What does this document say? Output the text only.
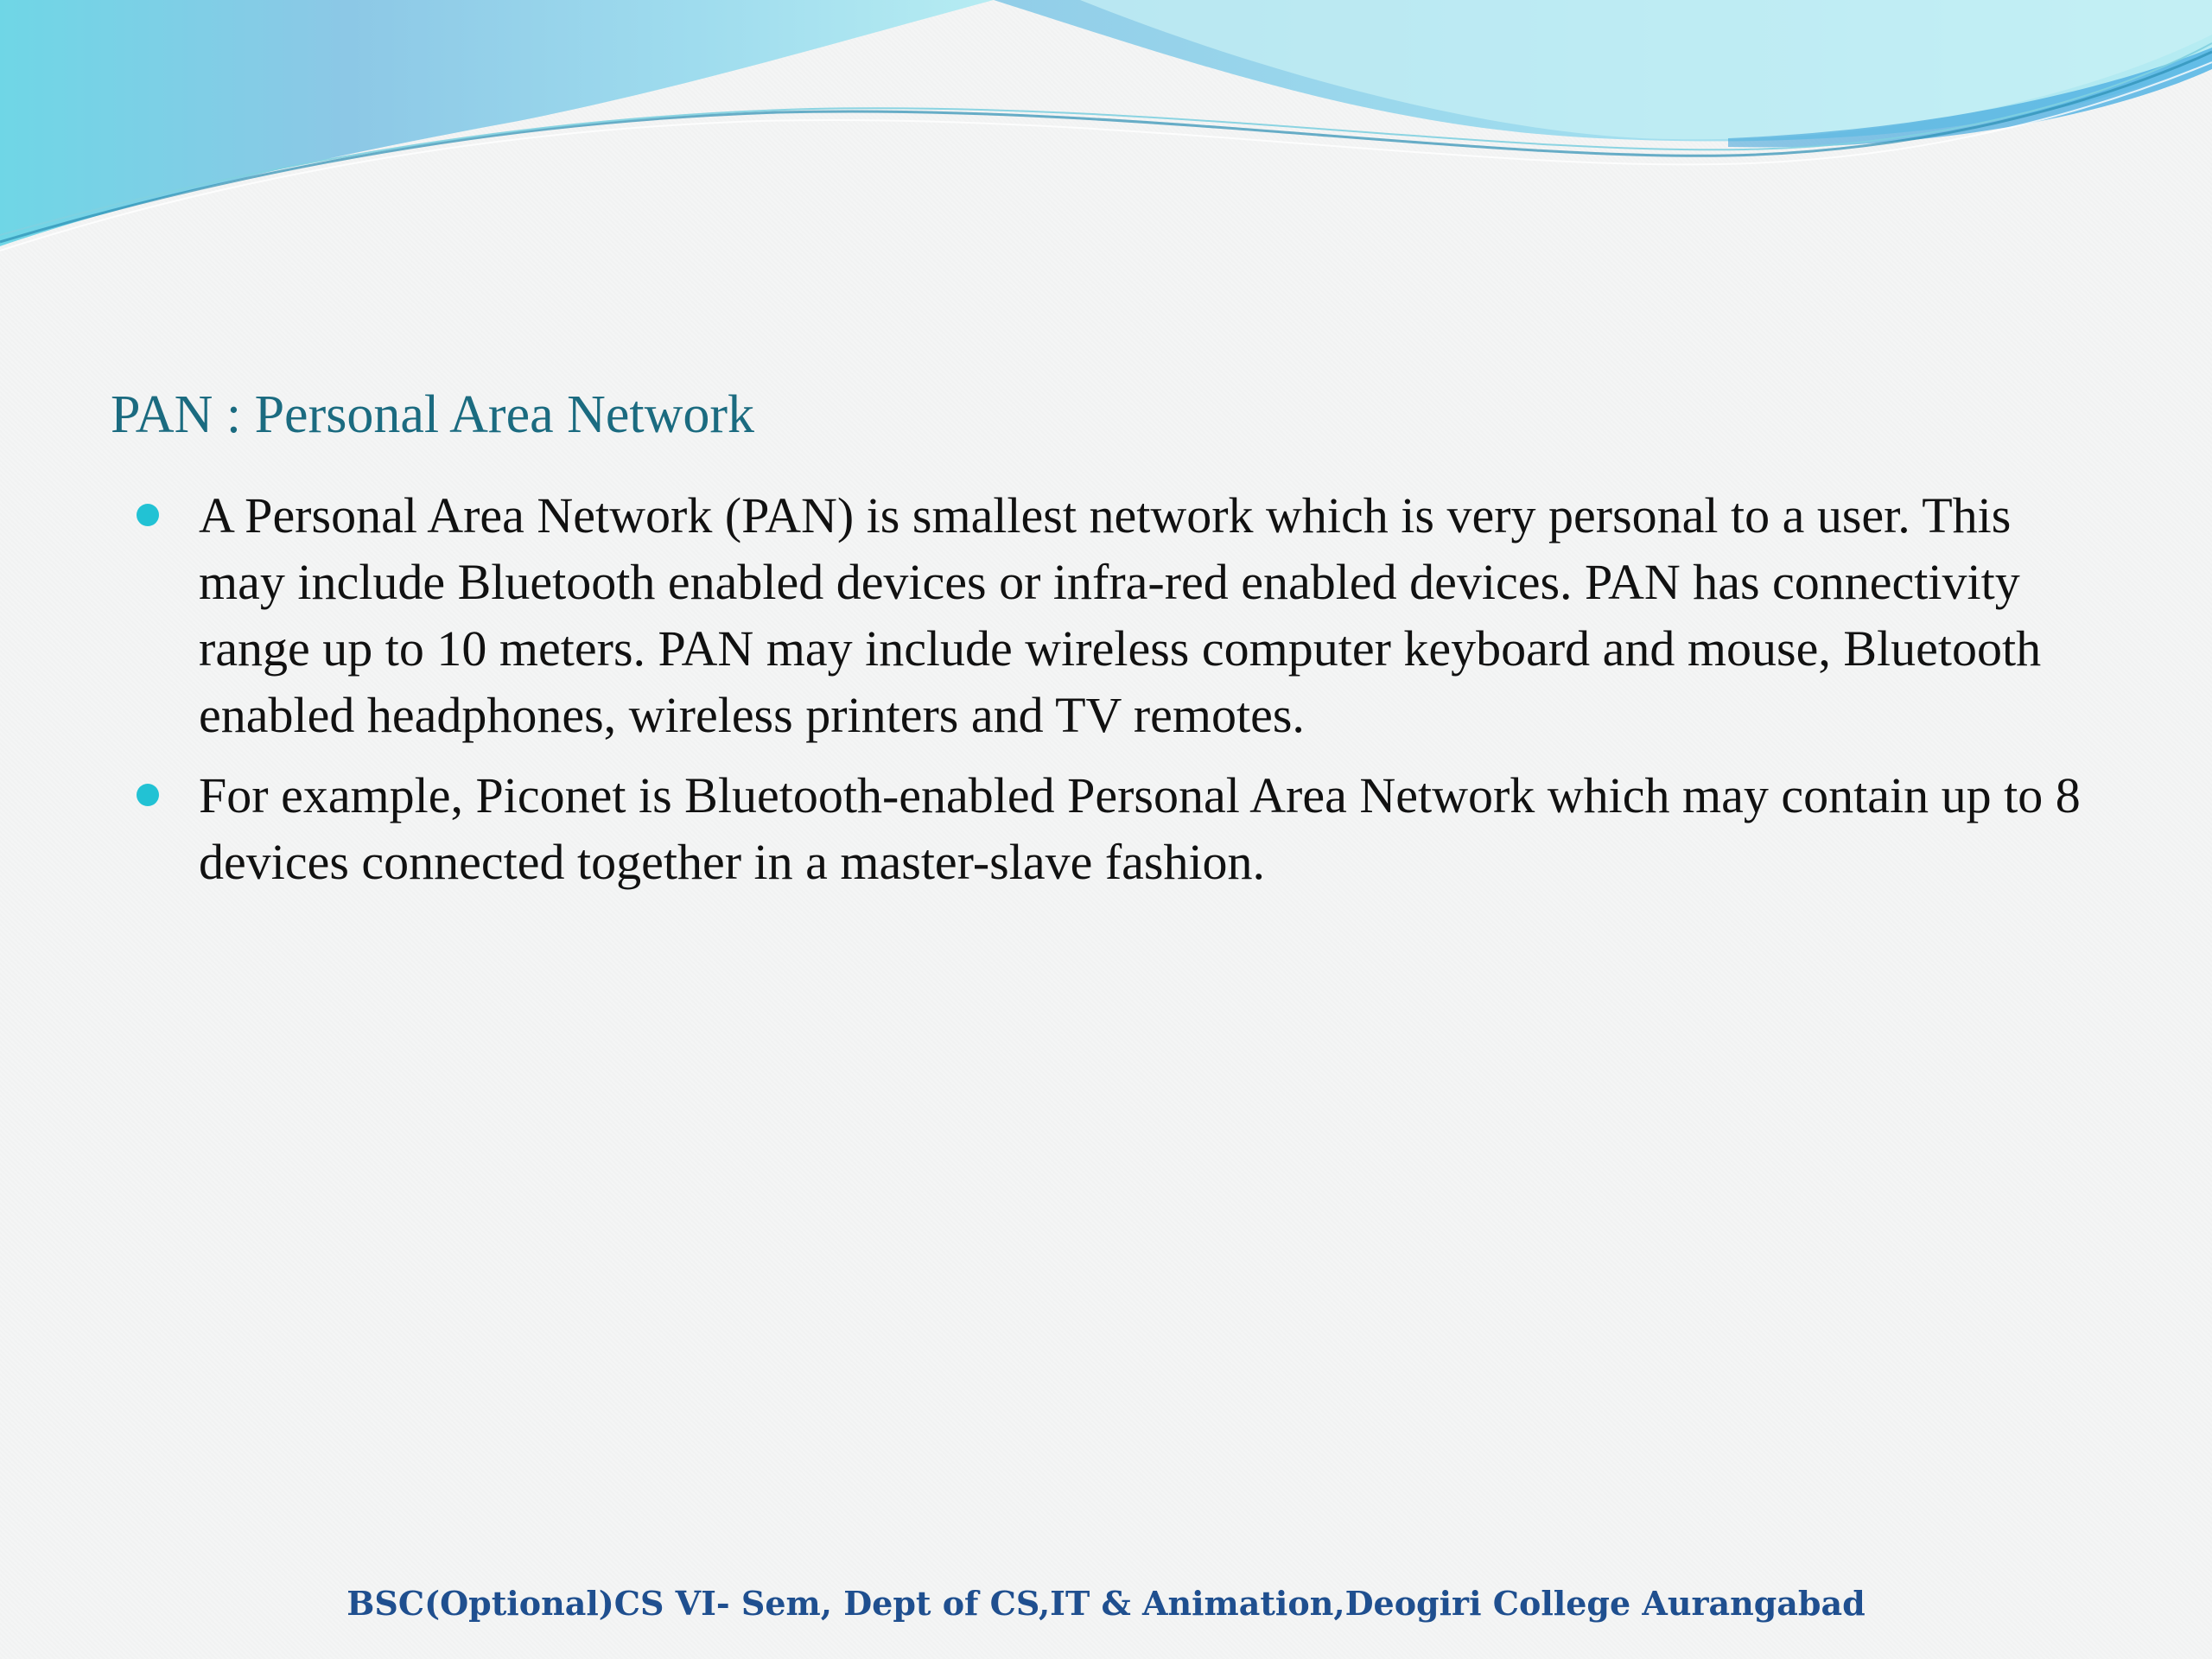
PAN : Personal Area Network
A Personal Area Network (PAN) is smallest network which is very personal to a user. This may include Bluetooth enabled devices or infra-red enabled devices. PAN has connectivity range up to 10 meters. PAN may include wireless computer keyboard and mouse, Bluetooth enabled headphones, wireless printers and TV remotes.
For example, Piconet is Bluetooth-enabled Personal Area Network which may contain up to 8 devices connected together in a master-slave fashion.
BSC(Optional)CS VI- Sem, Dept of CS,IT & Animation,Deogiri College Aurangabad
